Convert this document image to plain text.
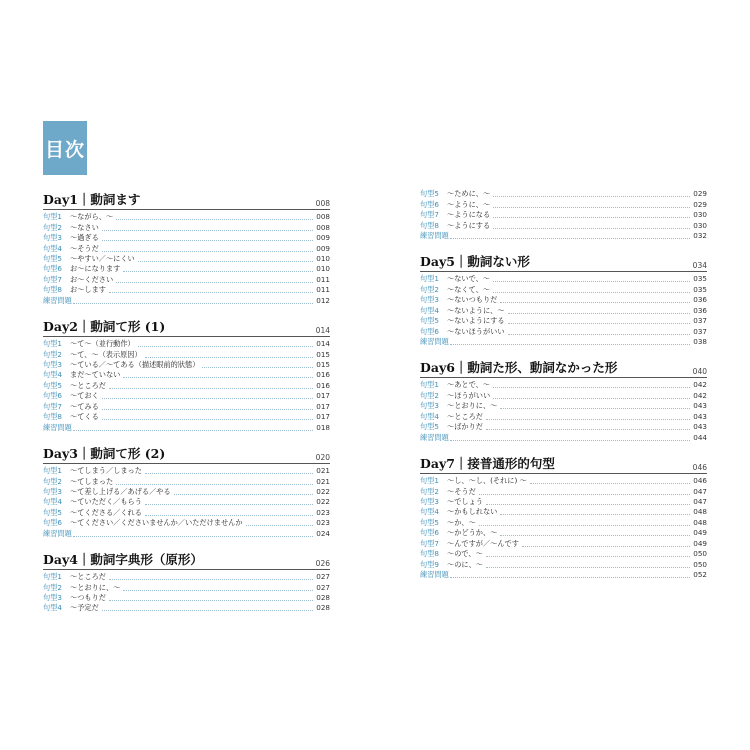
目次
Day1｜動詞ます	008
句型1	～ながら、～	008
句型2	～なさい	008
句型3	～過ぎる	009
句型4	～そうだ	009
句型5	～やすい／～にくい	010
句型6	お～になります	010
句型7	お～ください	011
句型8	お～します	011
練習問題	012
Day2｜動詞て形 (1)	014
句型1	～て～（並行動作）	014
句型2	～て、～（表示原因）	015
句型3	～ている／～てある（描述眼前的狀態）	015
句型4	まだ～ていない	016
句型5	～ところだ	016
句型6	～ておく	017
句型7	～てみる	017
句型8	～てくる	017
練習問題	018
Day3｜動詞て形 (2)	020
句型1	～てしまう／しまった	021
句型2	～てしまった	021
句型3	～て差し上げる／あげる／やる	022
句型4	～ていただく／もらう	022
句型5	～てくださる／くれる	023
句型6	～てください／くださいませんか／いただけませんか	023
練習問題	024
Day4｜動詞字典形（原形）	026
句型1	～ところだ	027
句型2	～とおりに、～	027
句型3	～つもりだ	028
句型4	～予定だ	028
句型5	～ために、～	029
句型6	～ように、～	029
句型7	～ようになる	030
句型8	～ようにする	030
練習問題	032
Day5｜動詞ない形	034
句型1	～ないで、～	035
句型2	～なくて、～	035
句型3	～ないつもりだ	036
句型4	～ないように、～	036
句型5	～ないようにする	037
句型6	～ないほうがいい	037
練習問題	038
Day6｜動詞た形、動詞なかった形	040
句型1	～あとで、～	042
句型2	～ほうがいい	042
句型3	～とおりに、～	043
句型4	～ところだ	043
句型5	～ばかりだ	043
練習問題	044
Day7｜接普通形的句型	046
句型1	～し、～し、(それに) ～	046
句型2	～そうだ	047
句型3	～でしょう	047
句型4	～かもしれない	048
句型5	～か、～	048
句型6	～かどうか、～	049
句型7	～んですが／～んです	049
句型8	～ので、～	050
句型9	～のに、～	050
練習問題	052
